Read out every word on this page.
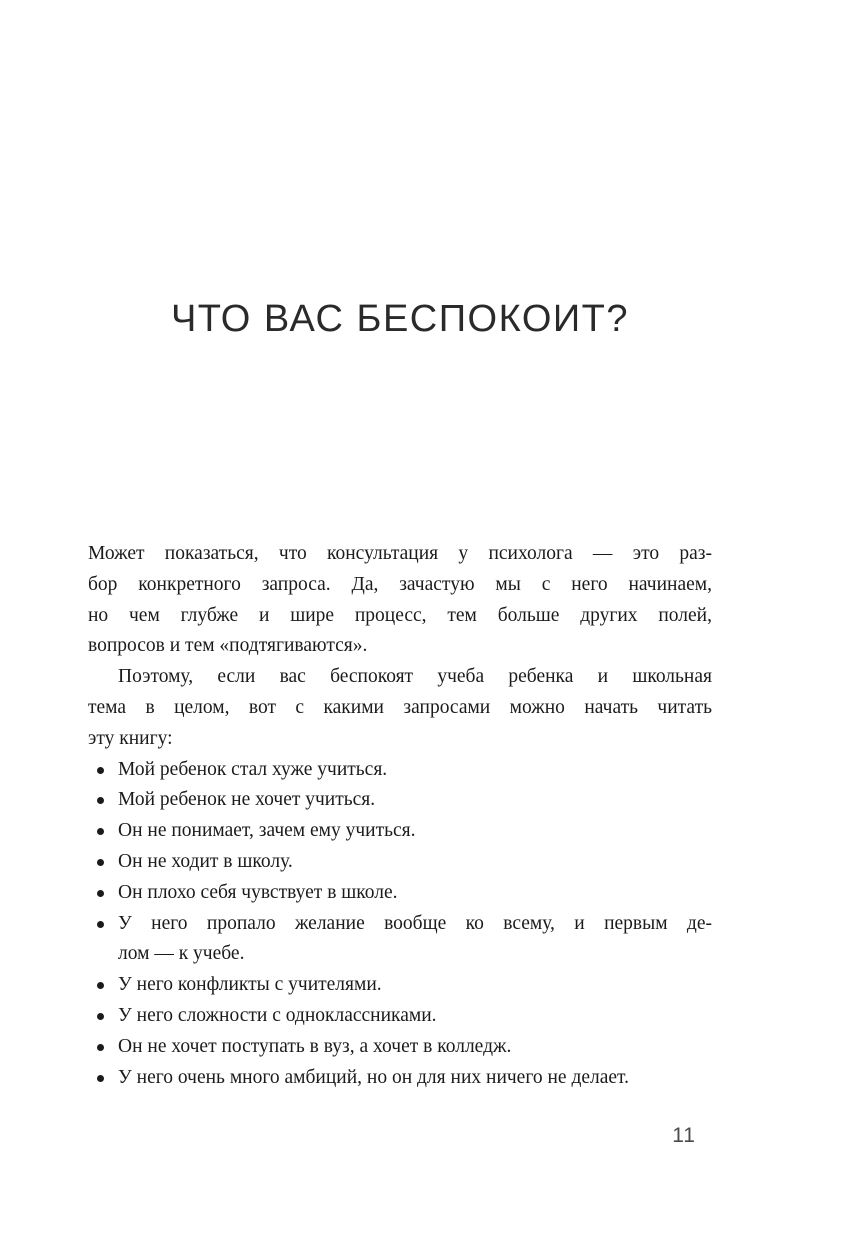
ЧТО ВАС БЕСПОКОИТ?

Может показаться, что консультация у психолога — это раз-
бор конкретного запроса. Да, зачастую мы с него начинаем,
но чем глубже и шире процесс, тем больше других полей,
вопросов и тем «подтягиваются».

Поэтому, если вас беспокоят учеба ребенка и школьная
тема в целом, вот с какими запросами можно начать читать
эту книгу:

Мой ребенок стал хуже учиться.
Мой ребенок не хочет учиться.
Он не понимает, зачем ему учиться.
Он не ходит в школу.
Он плохо себя чувствует в школе.
У него пропало желание вообще ко всему, и первым де-
лом — к учебе.
У него конфликты с учителями.
У него сложности с одноклассниками.
Он не хочет поступать в вуз, а хочет в колледж.
У него очень много амбиций, но он для них ничего не делает.
11
